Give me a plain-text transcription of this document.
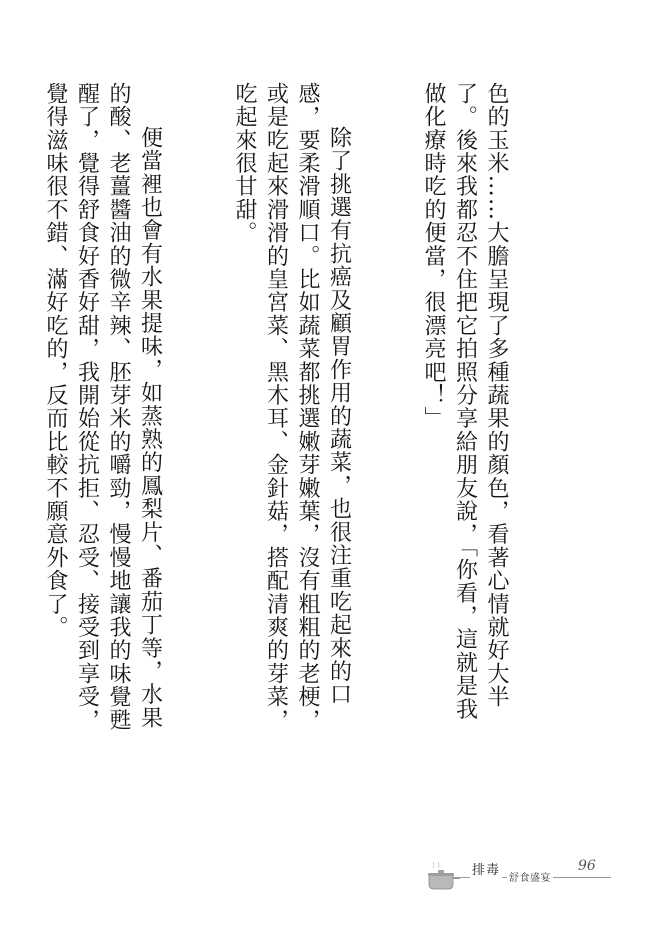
色的玉米……大膽呈現了多種蔬果的顏色，看著心情就好大半了。後來我都忍不住把它拍照分享給朋友說，「你看，這就是我做化療時吃的便當，很漂亮吧！」

除了挑選有抗癌及顧胃作用的蔬菜，也很注重吃起來的口感，要柔滑順口。比如蔬菜都挑選嫩芽嫩葉，沒有粗粗的老梗，或是吃起來滑滑的皇宮菜、黑木耳、金針菇，搭配清爽的芽菜，吃起來很甘甜。

便當裡也會有水果提味，如蒸熟的鳳梨片、番茄丁等，水果的酸、老薑醬油的微辛辣、胚芽米的嚼勁，慢慢地讓我的味覺甦醒了，覺得舒食好香好甜，我開始從抗拒、忍受、接受到享受，覺得滋味很不錯、滿好吃的，反而比較不願意外食了。

排毒
舒食盛宴
96
